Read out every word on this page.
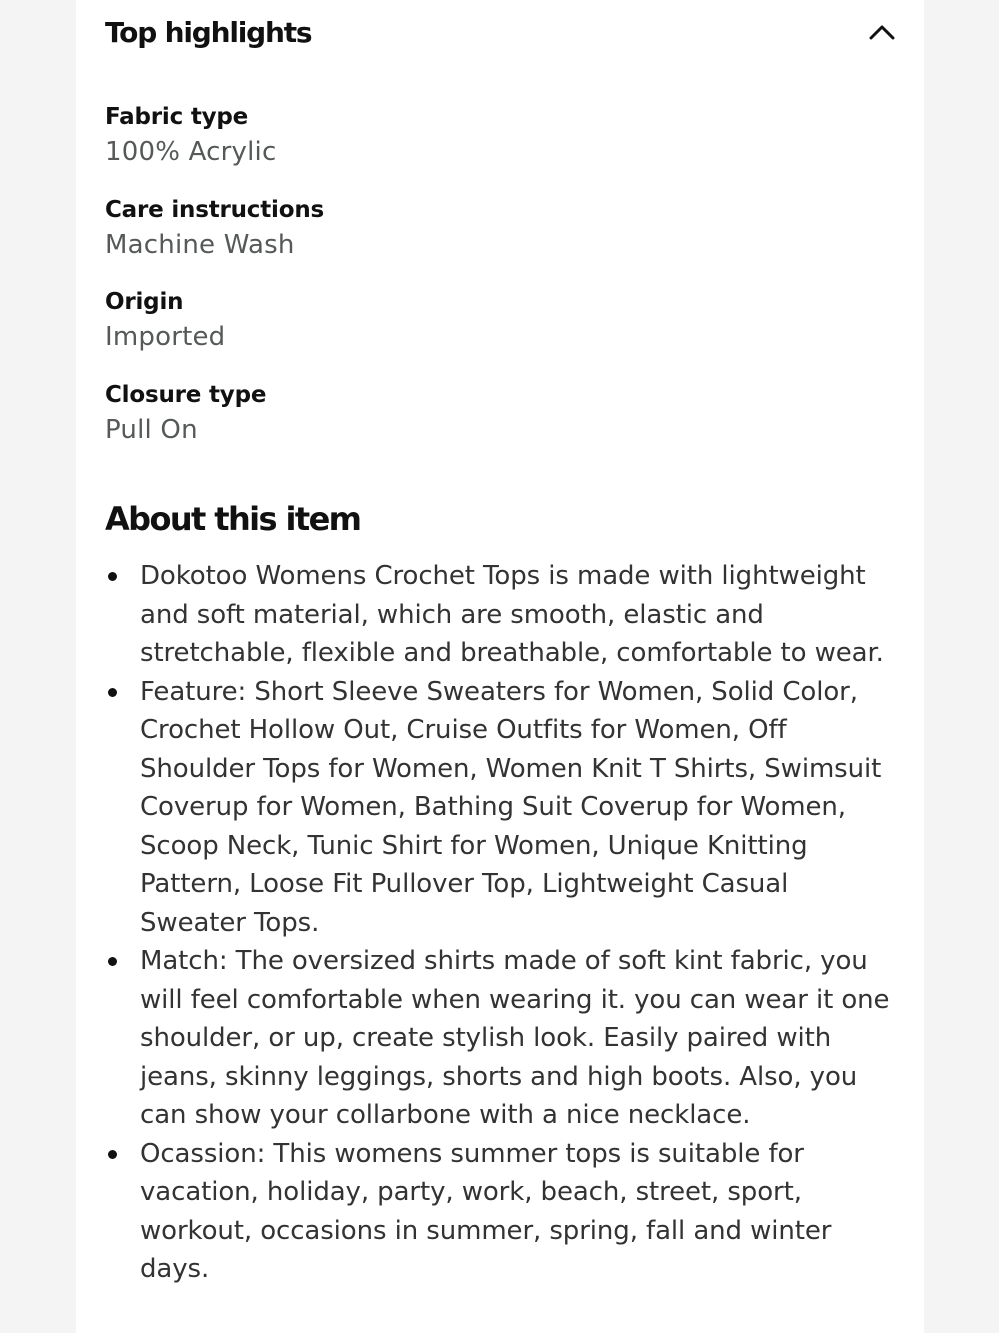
Top highlights
Fabric type
100% Acrylic
Care instructions
Machine Wash
Origin
Imported
Closure type
Pull On
About this item
Dokotoo Womens Crochet Tops is made with lightweight and soft material, which are smooth, elastic and stretchable, flexible and breathable, comfortable to wear.
Feature: Short Sleeve Sweaters for Women, Solid Color, Crochet Hollow Out, Cruise Outfits for Women, Off Shoulder Tops for Women, Women Knit T Shirts, Swimsuit Coverup for Women, Bathing Suit Coverup for Women, Scoop Neck, Tunic Shirt for Women, Unique Knitting Pattern, Loose Fit Pullover Top, Lightweight Casual Sweater Tops.
Match: The oversized shirts made of soft kint fabric, you will feel comfortable when wearing it. you can wear it one shoulder, or up, create stylish look. Easily paired with jeans, skinny leggings, shorts and high boots. Also, you can show your collarbone with a nice necklace.
Ocassion: This womens summer tops is suitable for vacation, holiday, party, work, beach, street, sport, workout, occasions in summer, spring, fall and winter days.
